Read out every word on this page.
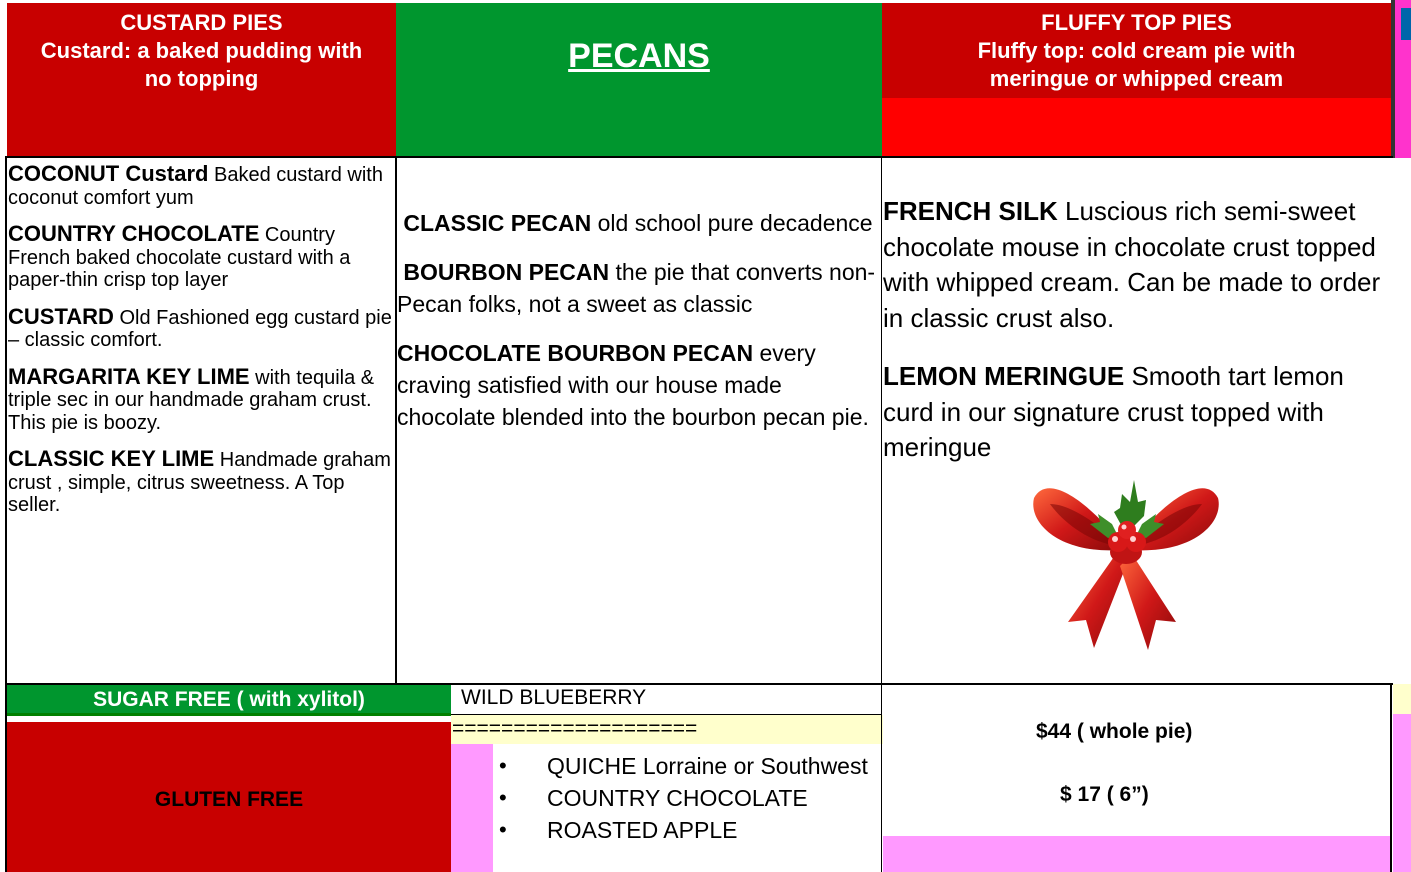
CUSTARD PIES
Custard: a baked pudding with no topping
PECANS
FLUFFY TOP PIES
Fluffy top: cold cream pie with meringue or whipped cream

COCONUT Custard Baked custard with coconut comfort yum

COUNTRY CHOCOLATE Country French baked chocolate custard with a paper-thin crisp top layer

CUSTARD Old Fashioned egg custard pie – classic comfort.

MARGARITA KEY LIME with tequila & triple sec in our handmade graham crust. This pie is boozy.

CLASSIC KEY LIME Handmade graham crust , simple, citrus sweetness. A Top seller.

CLASSIC PECAN old school pure decadence

BOURBON PECAN the pie that converts non-Pecan folks, not a sweet as classic

CHOCOLATE BOURBON PECAN every craving satisfied with our house made chocolate blended into the bourbon pecan pie.

FRENCH SILK Luscious rich semi-sweet chocolate mouse in chocolate crust topped with whipped cream. Can be made to order in classic crust also.

LEMON MERINGUE Smooth tart lemon curd in our signature crust topped with meringue

SUGAR FREE ( with xylitol)
GLUTEN FREE
WILD BLUEBERRY
====================
• QUICHE Lorraine or Southwest
• COUNTRY CHOCOLATE
• ROASTED APPLE
$44 ( whole pie)
$ 17 ( 6”)
